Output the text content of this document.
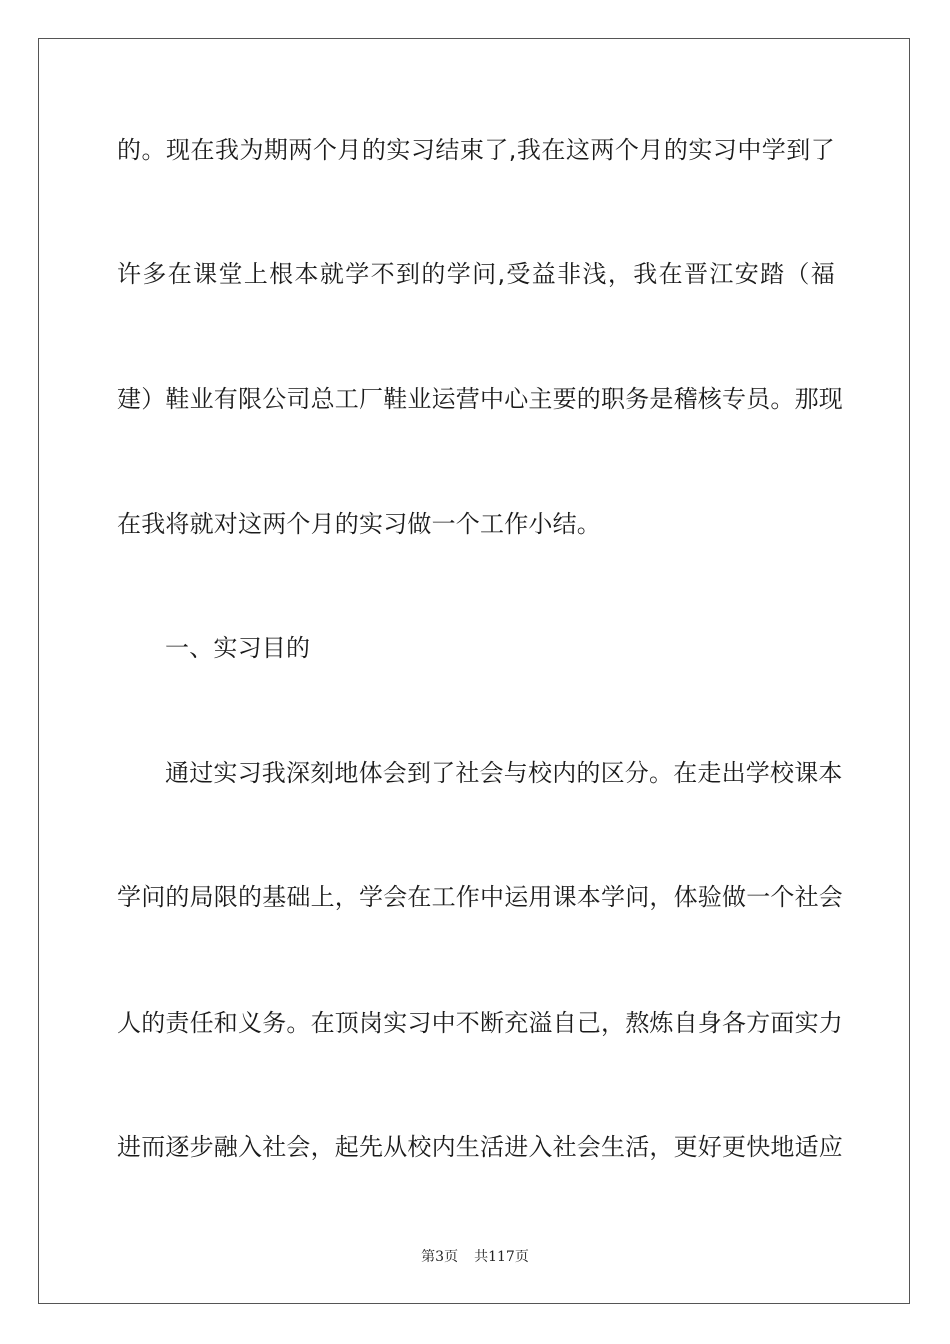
的。现在我为期两个月的实习结束了,我在这两个月的实习中学到了
许多在课堂上根本就学不到的学问,受益非浅，我在晋江安踏（福
建）鞋业有限公司总工厂鞋业运营中心主要的职务是稽核专员。那现
在我将就对这两个月的实习做一个工作小结。
一、实习目的
通过实习我深刻地体会到了社会与校内的区分。在走出学校课本
学问的局限的基础上，学会在工作中运用课本学问，体验做一个社会
人的责任和义务。在顶岗实习中不断充溢自己，熬炼自身各方面实力
进而逐步融入社会，起先从校内生活进入社会生活，更好更快地适应
第3页 共117页
